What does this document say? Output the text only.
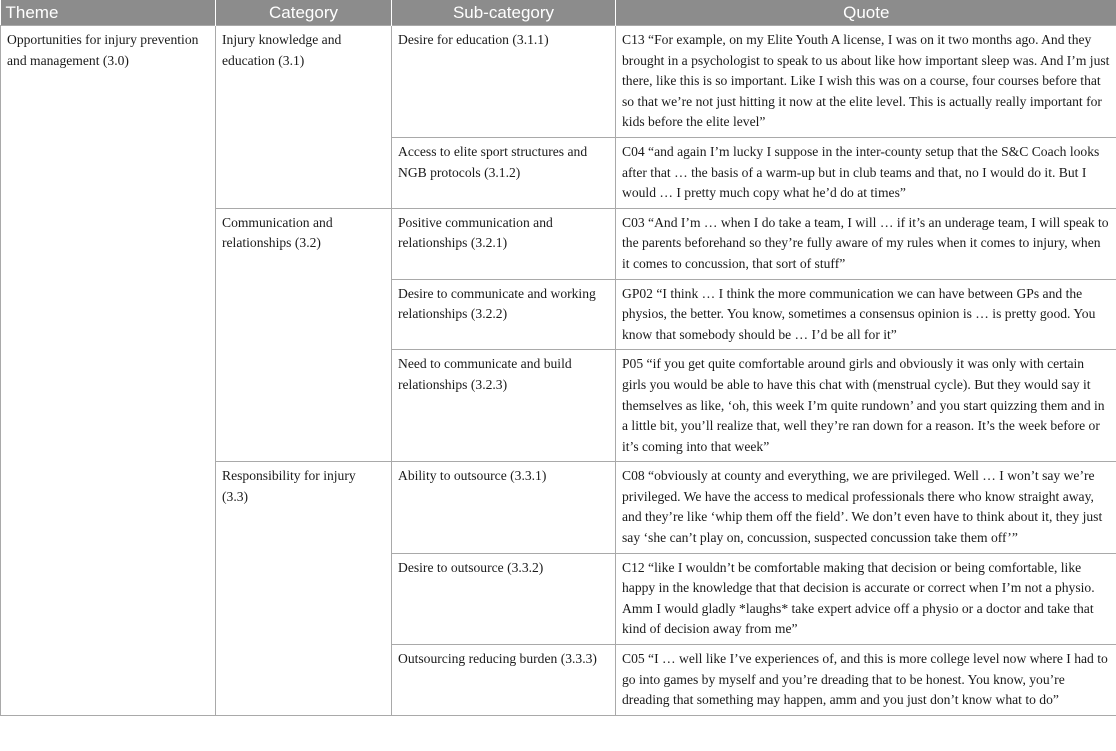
Theme	Category	Sub-category	Quote
Opportunities for injury prevention and management (3.0)	Injury knowledge and education (3.1)	Desire for education (3.1.1)	C13 “For example, on my Elite Youth A license, I was on it two months ago. And they brought in a psychologist to speak to us about like how important sleep was. And I’m just there, like this is so important. Like I wish this was on a course, four courses before that so that we’re not just hitting it now at the elite level. This is actually really important for kids before the elite level”
		Access to elite sport structures and NGB protocols (3.1.2)	C04 “and again I’m lucky I suppose in the inter-county setup that the S&C Coach looks after that … the basis of a warm-up but in club teams and that, no I would do it. But I would … I pretty much copy what he’d do at times”
	Communication and relationships (3.2)	Positive communication and relationships (3.2.1)	C03 “And I’m … when I do take a team, I will … if it’s an underage team, I will speak to the parents beforehand so they’re fully aware of my rules when it comes to injury, when it comes to concussion, that sort of stuff”
		Desire to communicate and working relationships (3.2.2)	GP02 “I think … I think the more communication we can have between GPs and the physios, the better. You know, sometimes a consensus opinion is … is pretty good. You know that somebody should be … I’d be all for it”
		Need to communicate and build relationships (3.2.3)	P05 “if you get quite comfortable around girls and obviously it was only with certain girls you would be able to have this chat with (menstrual cycle). But they would say it themselves as like, ‘oh, this week I’m quite rundown’ and you start quizzing them and in a little bit, you’ll realize that, well they’re ran down for a reason. It’s the week before or it’s coming into that week”
	Responsibility for injury (3.3)	Ability to outsource (3.3.1)	C08 “obviously at county and everything, we are privileged. Well … I won’t say we’re privileged. We have the access to medical professionals there who know straight away, and they’re like ‘whip them off the field’. We don’t even have to think about it, they just say ‘she can’t play on, concussion, suspected concussion take them off’”
		Desire to outsource (3.3.2)	C12 “like I wouldn’t be comfortable making that decision or being comfortable, like happy in the knowledge that that decision is accurate or correct when I’m not a physio. Amm I would gladly *laughs* take expert advice off a physio or a doctor and take that kind of decision away from me”
		Outsourcing reducing burden (3.3.3)	C05 “I … well like I’ve experiences of, and this is more college level now where I had to go into games by myself and you’re dreading that to be honest. You know, you’re dreading that something may happen, amm and you just don’t know what to do”
